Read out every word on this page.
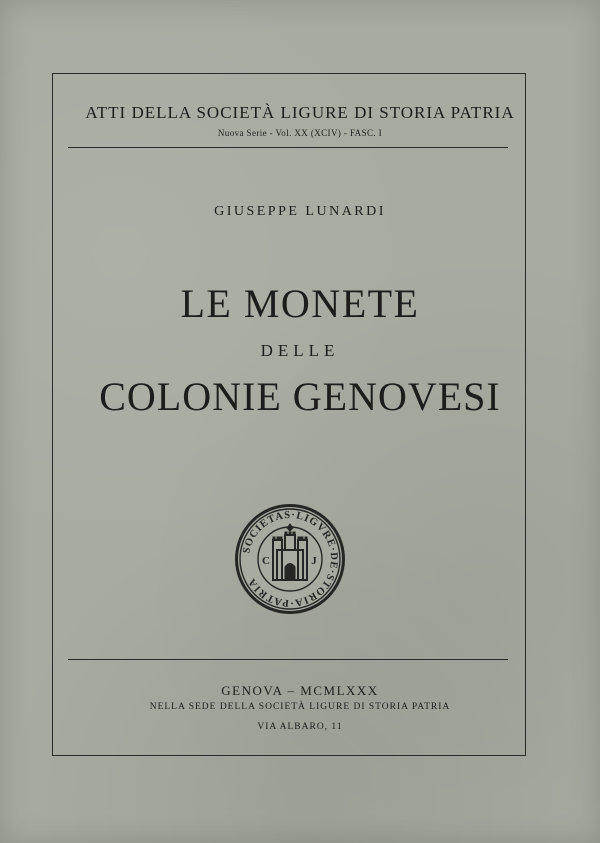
ATTI DELLA SOCIETÀ LIGURE DI STORIA PATRIA
Nuova Serie - Vol. XX (XCIV) - FASC. I
GIUSEPPE LUNARDI
LE MONETE
DELLE
COLONIE GENOVESI
SOCIETAS·LIGVRE·DE·STORIA·PATRIA
C	J
GENOVA – MCMLXXX
NELLA SEDE DELLA SOCIETÀ LIGURE DI STORIA PATRIA
VIA ALBARO, 11
